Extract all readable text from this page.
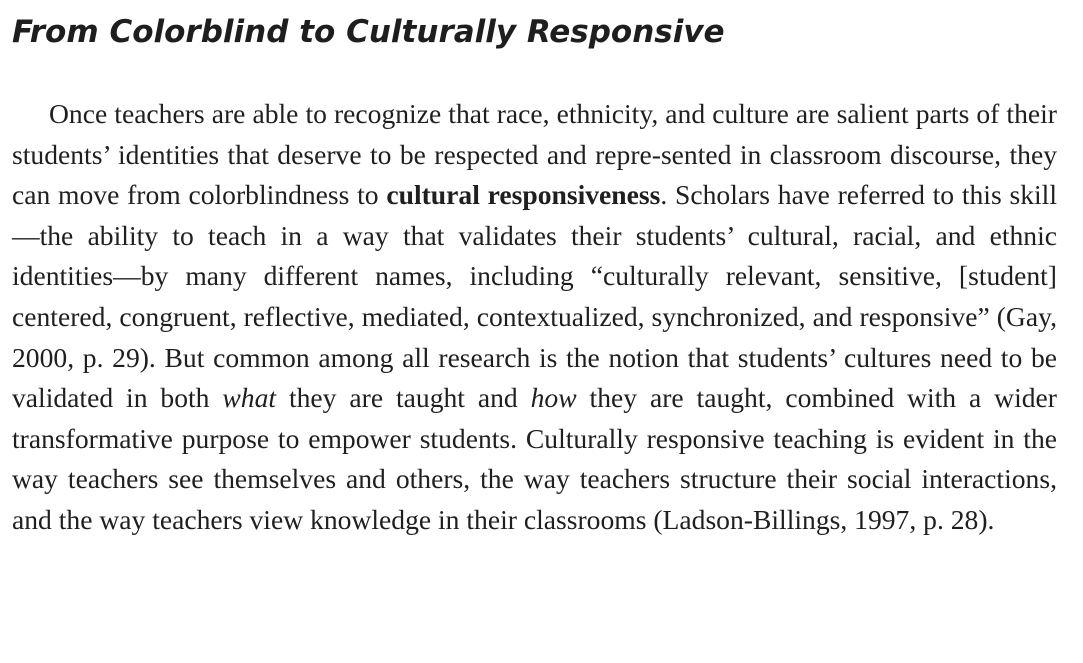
From Colorblind to Culturally Responsive

Once teachers are able to recognize that race, ethnicity, and culture are salient parts of their students’ identities that deserve to be respected and repre-sented in classroom discourse, they can move from colorblindness to cultural responsiveness. Scholars have referred to this skill—the ability to teach in a way that validates their students’ cultural, racial, and ethnic identities—by many different names, including “culturally relevant, sensitive, [student] centered, congruent, reflective, mediated, contextualized, synchronized, and responsive” (Gay, 2000, p. 29). But common among all research is the notion that students’ cultures need to be validated in both what they are taught and how they are taught, combined with a wider transformative purpose to empower students. Culturally responsive teaching is evident in the way teachers see themselves and others, the way teachers structure their social interactions, and the way teachers view knowledge in their classrooms (Ladson-Billings, 1997, p. 28).
